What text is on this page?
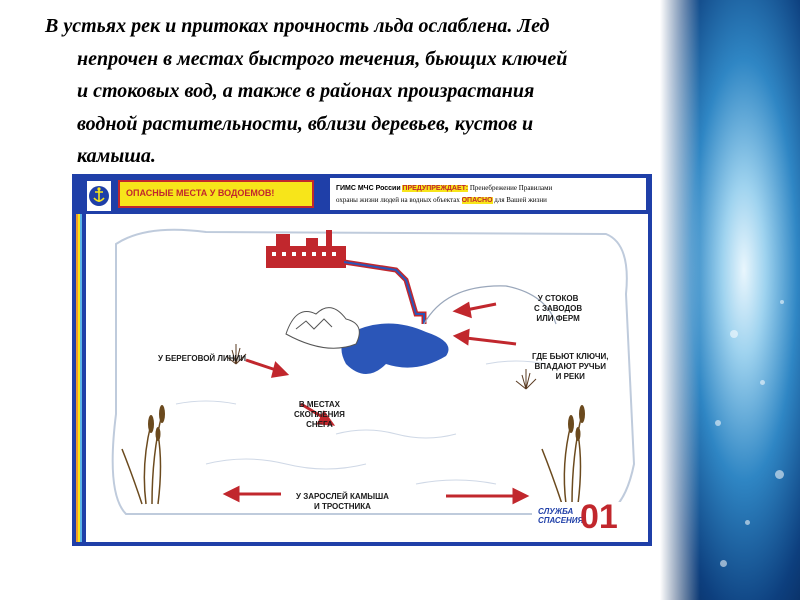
В устьях рек и притоках прочность льда ослаблена. Лед
непрочен в местах быстрого течения, бьющих ключей
и стоковых вод, а также в районах произрастания
водной растительности, вблизи деревьев, кустов и
камыша.
ОПАСНЫЕ МЕСТА У ВОДОЕМОВ!	ГИМС МЧС России ПРЕДУПРЕЖДАЕТ: Пренебрежение Правилами
охраны жизни людей на водных объектах ОПАСНО для Вашей жизни
У СТОКОВ
С ЗАВОДОВ
ИЛИ ФЕРМ
ГДЕ БЬЮТ КЛЮЧИ,
ВПАДАЮТ РУЧЬИ
И РЕКИ
У БЕРЕГОВОЙ ЛИНИИ
В МЕСТАХ
СКОПЛЕНИЯ
СНЕГА
У ЗАРОСЛЕЙ КАМЫША
И ТРОСТНИКА
СЛУЖБА
СПАСЕНИЯ
01
